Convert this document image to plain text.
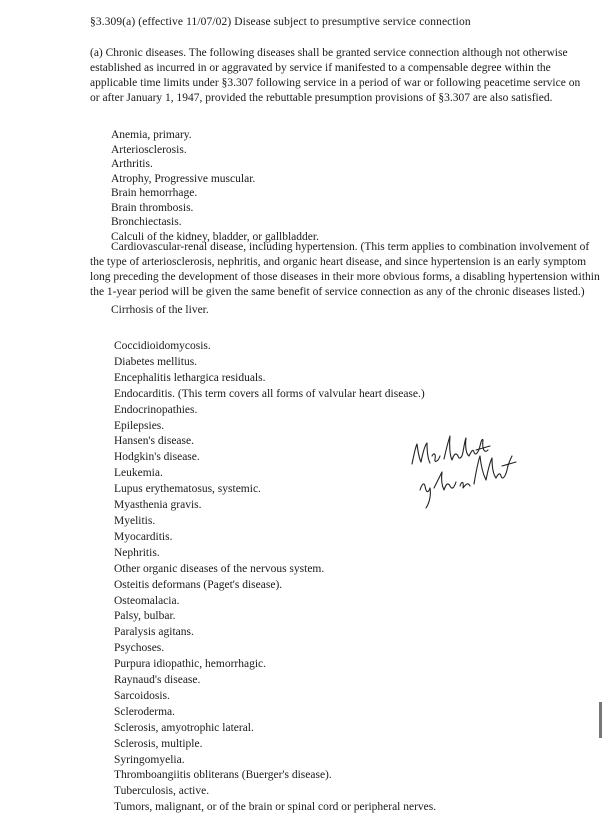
§3.309(a) (effective 11/07/02) Disease subject to presumptive service connection

(a) Chronic diseases. The following diseases shall be granted service connection although not otherwise established as incurred in or aggravated by service if manifested to a compensable degree within the applicable time limits under §3.307 following service in a period of war or following peacetime service on or after January 1, 1947, provided the rebuttable presumption provisions of §3.307 are also satisfied.

Anemia, primary.
Arteriosclerosis.
Arthritis.
Atrophy, Progressive muscular.
Brain hemorrhage.
Brain thrombosis.
Bronchiectasis.
Calculi of the kidney, bladder, or gallbladder.

Cardiovascular-renal disease, including hypertension. (This term applies to combination involvement of the type of arteriosclerosis, nephritis, and organic heart disease, and since hypertension is an early symptom long preceding the development of those diseases in their more obvious forms, a disabling hypertension within the 1-year period will be given the same benefit of service connection as any of the chronic diseases listed.)

Cirrhosis of the liver.

Coccidioidomycosis.
Diabetes mellitus.
Encephalitis lethargica residuals.
Endocarditis. (This term covers all forms of valvular heart disease.)
Endocrinopathies.
Epilepsies.
Hansen's disease.
Hodgkin's disease.
Leukemia.
Lupus erythematosus, systemic.
Myasthenia gravis.
Myelitis.
Myocarditis.
Nephritis.
Other organic diseases of the nervous system.
Osteitis deformans (Paget's disease).
Osteomalacia.
Palsy, bulbar.
Paralysis agitans.
Psychoses.
Purpura idiopathic, hemorrhagic.
Raynaud's disease.
Sarcoidosis.
Scleroderma.
Sclerosis, amyotrophic lateral.
Sclerosis, multiple.
Syringomyelia.
Thromboangiitis obliterans (Buerger's disease).
Tuberculosis, active.
Tumors, malignant, or of the brain or spinal cord or peripheral nerves.
